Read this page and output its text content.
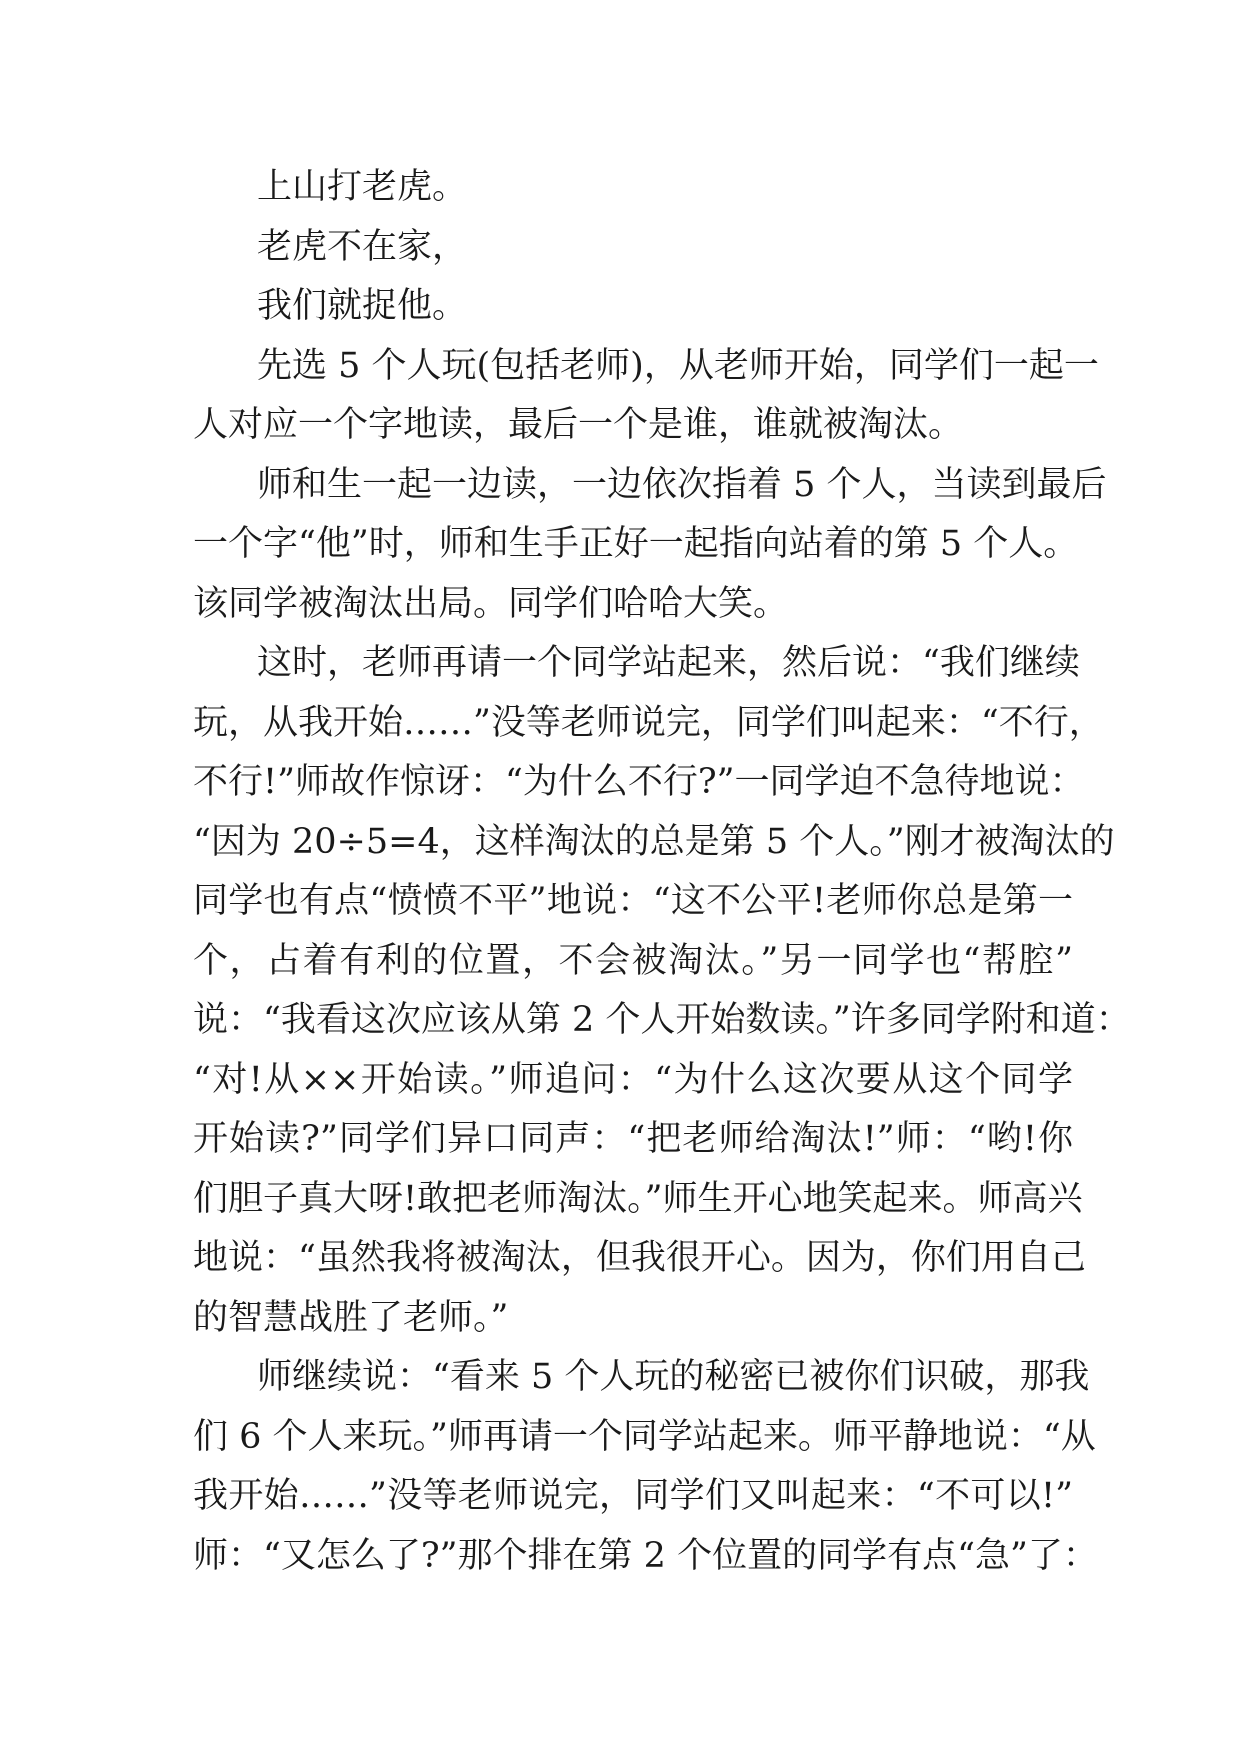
上山打老虎。
老虎不在家，
我们就捉他。
先选 5 个人玩(包括老师)，从老师开始，同学们一起一
人对应一个字地读，最后一个是谁，谁就被淘汰。
师和生一起一边读，一边依次指着 5 个人，当读到最后
一个字“他”时，师和生手正好一起指向站着的第 5 个人。
该同学被淘汰出局。同学们哈哈大笑。
这时，老师再请一个同学站起来，然后说：“我们继续
玩，从我开始……”没等老师说完，同学们叫起来：“不行，
不行!”师故作惊讶：“为什么不行?”一同学迫不急待地说：
“因为 20÷5=4，这样淘汰的总是第 5 个人。”刚才被淘汰的
同学也有点“愤愤不平”地说：“这不公平!老师你总是第一
个，占着有利的位置，不会被淘汰。”另一同学也“帮腔”
说：“我看这次应该从第 2 个人开始数读。”许多同学附和道：
“对!从××开始读。”师追问：“为什么这次要从这个同学
开始读?”同学们异口同声：“把老师给淘汰!”师：“哟!你
们胆子真大呀!敢把老师淘汰。”师生开心地笑起来。师高兴
地说：“虽然我将被淘汰，但我很开心。因为，你们用自己
的智慧战胜了老师。”
师继续说：“看来 5 个人玩的秘密已被你们识破，那我
们 6 个人来玩。”师再请一个同学站起来。师平静地说：“从
我开始……”没等老师说完，同学们又叫起来：“不可以!”
师：“又怎么了?”那个排在第 2 个位置的同学有点“急”了：
